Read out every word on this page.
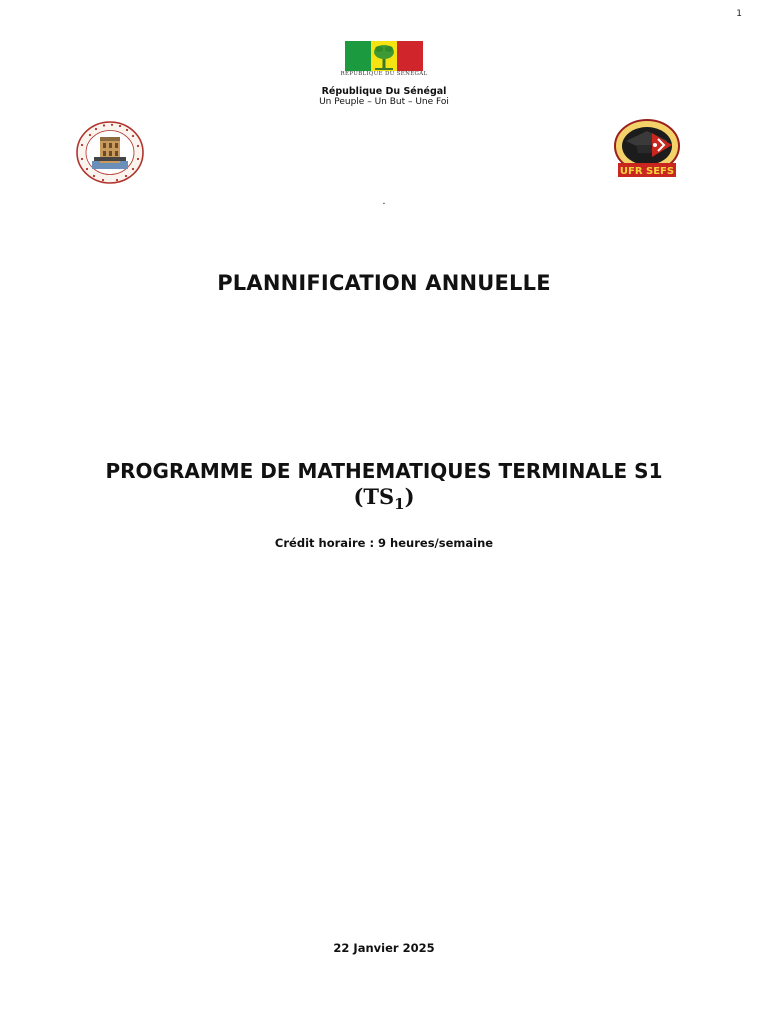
1
RÉPUBLIQUE DU SÉNÉGAL
République Du Sénégal
Un Peuple – Un But – Une Foi
UFR SEFS
.
PLANNIFICATION ANNUELLE
PROGRAMME DE MATHEMATIQUES TERMINALE S1
$(TS_1)$
Crédit horaire : 9 heures/semaine
22 Janvier 2025
